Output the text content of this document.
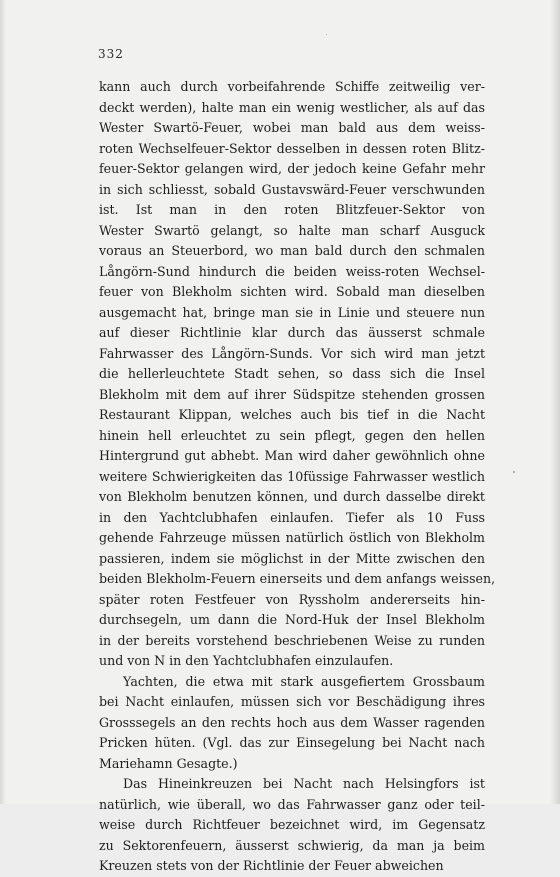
332
kann auch durch vorbeifahrende Schiffe zeitweilig ver-
deckt werden), halte man ein wenig westlicher, als auf das
Wester Swartö-Feuer, wobei man bald aus dem weiss-
roten Wechselfeuer-Sektor desselben in dessen roten Blitz-
feuer-Sektor gelangen wird, der jedoch keine Gefahr mehr
in sich schliesst, sobald Gustavswärd-Feuer verschwunden
ist. Ist man in den roten Blitzfeuer-Sektor von
Wester Swartö gelangt, so halte man scharf Ausguck
voraus an Steuerbord, wo man bald durch den schmalen
Långörn-Sund hindurch die beiden weiss-roten Wechsel-
feuer von Blekholm sichten wird. Sobald man dieselben
ausgemacht hat, bringe man sie in Linie und steuere nun
auf dieser Richtlinie klar durch das äusserst schmale
Fahrwasser des Långörn-Sunds. Vor sich wird man jetzt
die hellerleuchtete Stadt sehen, so dass sich die Insel
Blekholm mit dem auf ihrer Südspitze stehenden grossen
Restaurant Klippan, welches auch bis tief in die Nacht
hinein hell erleuchtet zu sein pflegt, gegen den hellen
Hintergrund gut abhebt. Man wird daher gewöhnlich ohne
weitere Schwierigkeiten das 10füssige Fahrwasser westlich
von Blekholm benutzen können, und durch dasselbe direkt
in den Yachtclubhafen einlaufen. Tiefer als 10 Fuss
gehende Fahrzeuge müssen natürlich östlich von Blekholm
passieren, indem sie möglichst in der Mitte zwischen den
beiden Blekholm-Feuern einerseits und dem anfangs weissen,
später roten Festfeuer von Ryssholm andererseits hin-
durchsegeln, um dann die Nord-Huk der Insel Blekholm
in der bereits vorstehend beschriebenen Weise zu runden
und von N in den Yachtclubhafen einzulaufen.
Yachten, die etwa mit stark ausgefiertem Grossbaum
bei Nacht einlaufen, müssen sich vor Beschädigung ihres
Grosssegels an den rechts hoch aus dem Wasser ragenden
Pricken hüten. (Vgl. das zur Einsegelung bei Nacht nach
Mariehamn Gesagte.)
Das Hineinkreuzen bei Nacht nach Helsingfors ist
natürlich, wie überall, wo das Fahrwasser ganz oder teil-
weise durch Richtfeuer bezeichnet wird, im Gegensatz
zu Sektorenfeuern, äusserst schwierig, da man ja beim
Kreuzen stets von der Richtlinie der Feuer abweichen
